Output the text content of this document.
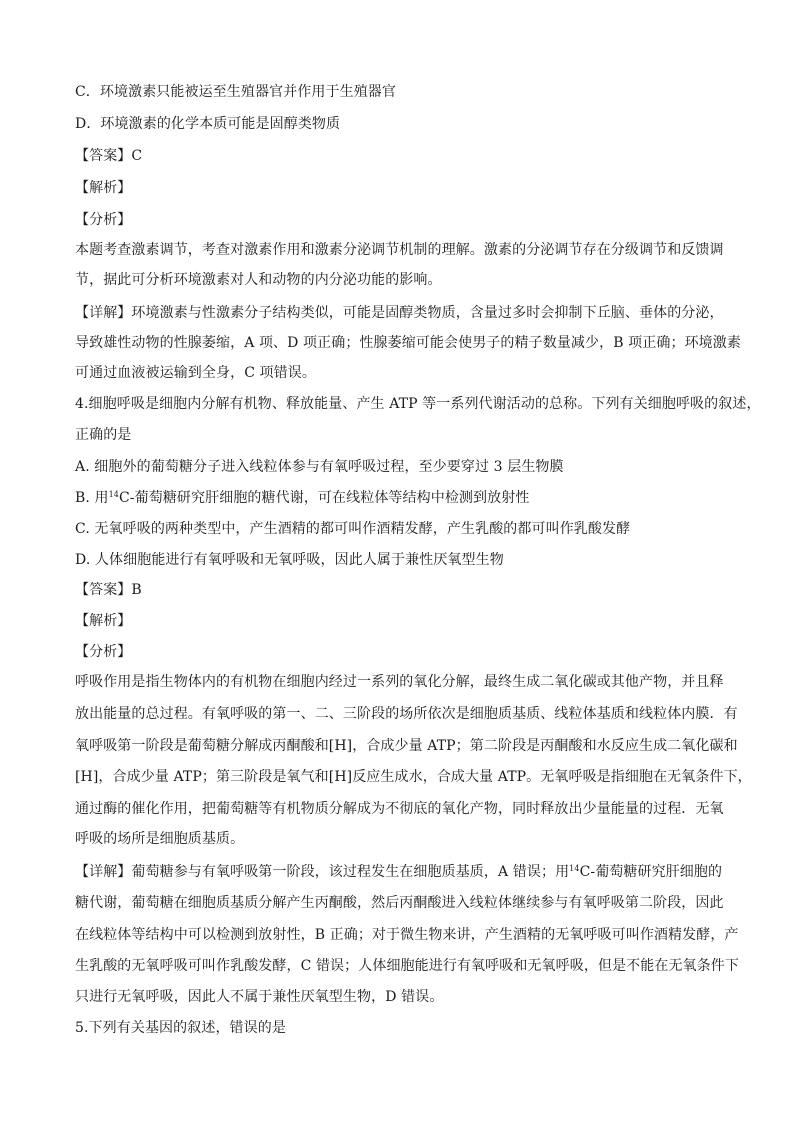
C．环境激素只能被运至生殖器官并作用于生殖器官
D．环境激素的化学本质可能是固醇类物质
【答案】C
【解析】
【分析】
本题考查激素调节，考查对激素作用和激素分泌调节机制的理解。激素的分泌调节存在分级调节和反馈调
节，据此可分析环境激素对人和动物的内分泌功能的影响。
【详解】环境激素与性激素分子结构类似，可能是固醇类物质，含量过多时会抑制下丘脑、垂体的分泌，
导致雄性动物的性腺萎缩，A 项、D 项正确；性腺萎缩可能会使男子的精子数量减少，B 项正确；环境激素
可通过血液被运输到全身，C 项错误。
4.细胞呼吸是细胞内分解有机物、释放能量、产生 ATP 等一系列代谢活动的总称。下列有关细胞呼吸的叙述，
正确的是
A. 细胞外的葡萄糖分子进入线粒体参与有氧呼吸过程，至少要穿过 3 层生物膜
B. 用$^{14}$C-葡萄糖研究肝细胞的糖代谢，可在线粒体等结构中检测到放射性
C. 无氧呼吸的两种类型中，产生酒精的都可叫作酒精发酵，产生乳酸的都可叫作乳酸发酵
D. 人体细胞能进行有氧呼吸和无氧呼吸，因此人属于兼性厌氧型生物
【答案】B
【解析】
【分析】
呼吸作用是指生物体内的有机物在细胞内经过一系列的氧化分解，最终生成二氧化碳或其他产物，并且释
放出能量的总过程。有氧呼吸的第一、二、三阶段的场所依次是细胞质基质、线粒体基质和线粒体内膜．有
氧呼吸第一阶段是葡萄糖分解成丙酮酸和[H]，合成少量 ATP；第二阶段是丙酮酸和水反应生成二氧化碳和
[H]，合成少量 ATP；第三阶段是氧气和[H]反应生成水，合成大量 ATP。无氧呼吸是指细胞在无氧条件下，
通过酶的催化作用，把葡萄糖等有机物质分解成为不彻底的氧化产物，同时释放出少量能量的过程．无氧
呼吸的场所是细胞质基质。
【详解】葡萄糖参与有氧呼吸第一阶段，该过程发生在细胞质基质，A 错误；用$^{14}$C-葡萄糖研究肝细胞的
糖代谢，葡萄糖在细胞质基质分解产生丙酮酸，然后丙酮酸进入线粒体继续参与有氧呼吸第二阶段，因此
在线粒体等结构中可以检测到放射性，B 正确；对于微生物来讲，产生酒精的无氧呼吸可叫作酒精发酵，产
生乳酸的无氧呼吸可叫作乳酸发酵，C 错误；人体细胞能进行有氧呼吸和无氧呼吸，但是不能在无氧条件下
只进行无氧呼吸，因此人不属于兼性厌氧型生物，D 错误。
5.下列有关基因的叙述，错误的是
